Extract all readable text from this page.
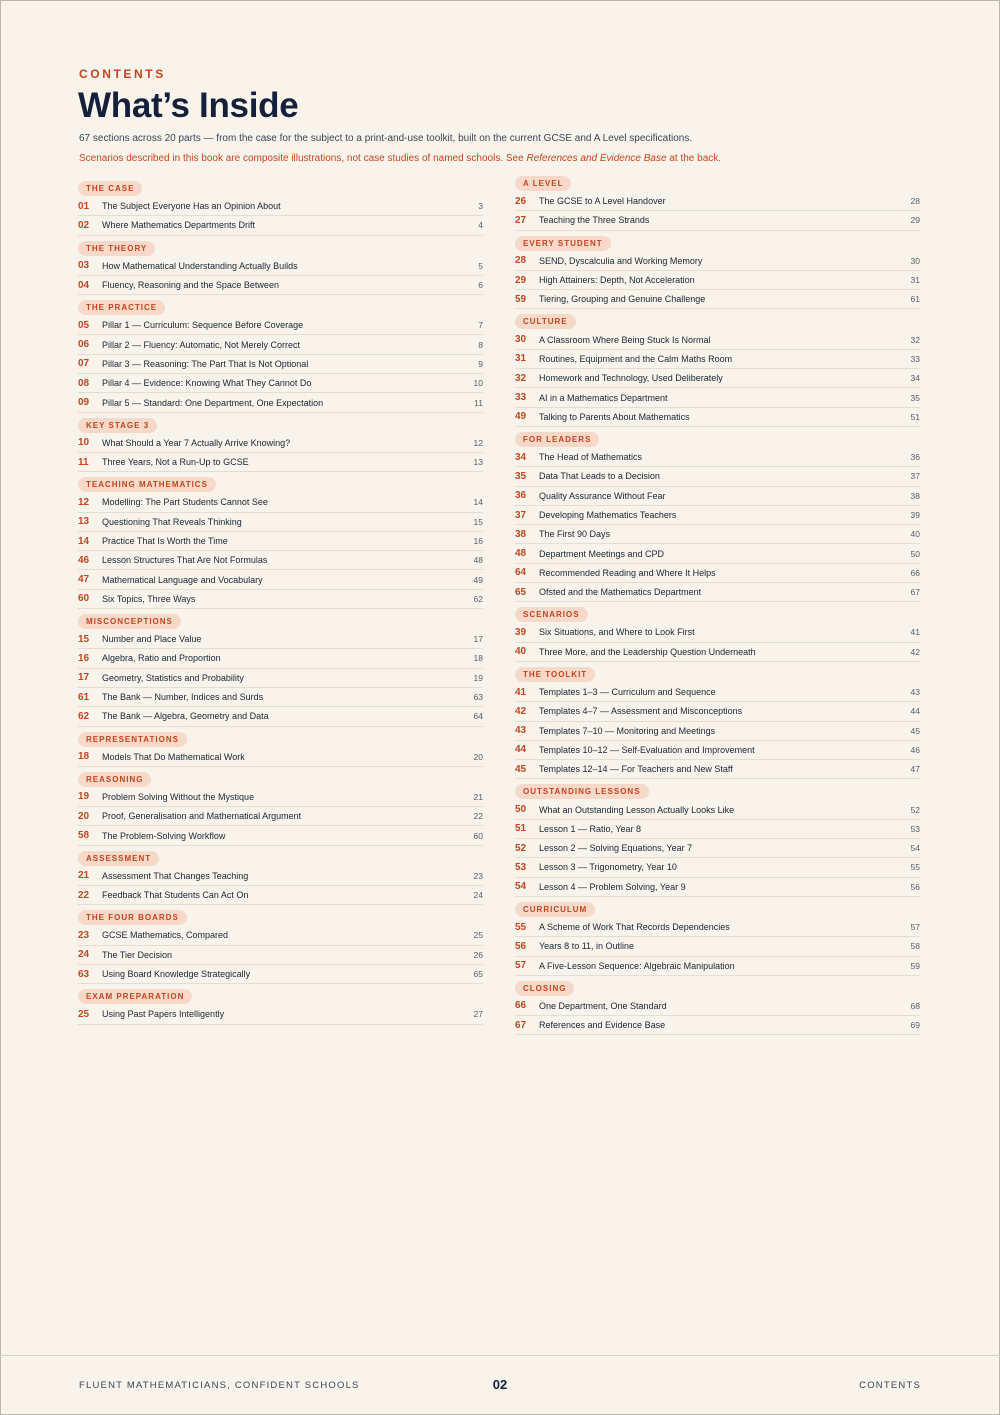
CONTENTS
What’s Inside
67 sections across 20 parts — from the case for the subject to a print-and-use toolkit, built on the current GCSE and A Level specifications.
Scenarios described in this book are composite illustrations, not case studies of named schools. See References and Evidence Base at the back.
THE CASE
01	The Subject Everyone Has an Opinion About	3
02	Where Mathematics Departments Drift	4
THE THEORY
03	How Mathematical Understanding Actually Builds	5
04	Fluency, Reasoning and the Space Between	6
THE PRACTICE
05	Pillar 1 — Curriculum: Sequence Before Coverage	7
06	Pillar 2 — Fluency: Automatic, Not Merely Correct	8
07	Pillar 3 — Reasoning: The Part That Is Not Optional	9
08	Pillar 4 — Evidence: Knowing What They Cannot Do	10
09	Pillar 5 — Standard: One Department, One Expectation	11
KEY STAGE 3
10	What Should a Year 7 Actually Arrive Knowing?	12
11	Three Years, Not a Run-Up to GCSE	13
TEACHING MATHEMATICS
12	Modelling: The Part Students Cannot See	14
13	Questioning That Reveals Thinking	15
14	Practice That Is Worth the Time	16
46	Lesson Structures That Are Not Formulas	48
47	Mathematical Language and Vocabulary	49
60	Six Topics, Three Ways	62
MISCONCEPTIONS
15	Number and Place Value	17
16	Algebra, Ratio and Proportion	18
17	Geometry, Statistics and Probability	19
61	The Bank — Number, Indices and Surds	63
62	The Bank — Algebra, Geometry and Data	64
REPRESENTATIONS
18	Models That Do Mathematical Work	20
REASONING
19	Problem Solving Without the Mystique	21
20	Proof, Generalisation and Mathematical Argument	22
58	The Problem-Solving Workflow	60
ASSESSMENT
21	Assessment That Changes Teaching	23
22	Feedback That Students Can Act On	24
THE FOUR BOARDS
23	GCSE Mathematics, Compared	25
24	The Tier Decision	26
63	Using Board Knowledge Strategically	65
EXAM PREPARATION
25	Using Past Papers Intelligently	27
A LEVEL
26	The GCSE to A Level Handover	28
27	Teaching the Three Strands	29
EVERY STUDENT
28	SEND, Dyscalculia and Working Memory	30
29	High Attainers: Depth, Not Acceleration	31
59	Tiering, Grouping and Genuine Challenge	61
CULTURE
30	A Classroom Where Being Stuck Is Normal	32
31	Routines, Equipment and the Calm Maths Room	33
32	Homework and Technology, Used Deliberately	34
33	AI in a Mathematics Department	35
49	Talking to Parents About Mathematics	51
FOR LEADERS
34	The Head of Mathematics	36
35	Data That Leads to a Decision	37
36	Quality Assurance Without Fear	38
37	Developing Mathematics Teachers	39
38	The First 90 Days	40
48	Department Meetings and CPD	50
64	Recommended Reading and Where It Helps	66
65	Ofsted and the Mathematics Department	67
SCENARIOS
39	Six Situations, and Where to Look First	41
40	Three More, and the Leadership Question Underneath	42
THE TOOLKIT
41	Templates 1–3 — Curriculum and Sequence	43
42	Templates 4–7 — Assessment and Misconceptions	44
43	Templates 7–10 — Monitoring and Meetings	45
44	Templates 10–12 — Self-Evaluation and Improvement	46
45	Templates 12–14 — For Teachers and New Staff	47
OUTSTANDING LESSONS
50	What an Outstanding Lesson Actually Looks Like	52
51	Lesson 1 — Ratio, Year 8	53
52	Lesson 2 — Solving Equations, Year 7	54
53	Lesson 3 — Trigonometry, Year 10	55
54	Lesson 4 — Problem Solving, Year 9	56
CURRICULUM
55	A Scheme of Work That Records Dependencies	57
56	Years 8 to 11, in Outline	58
57	A Five-Lesson Sequence: Algebraic Manipulation	59
CLOSING
66	One Department, One Standard	68
67	References and Evidence Base	69
FLUENT MATHEMATICIANS, CONFIDENT SCHOOLS	02	CONTENTS
